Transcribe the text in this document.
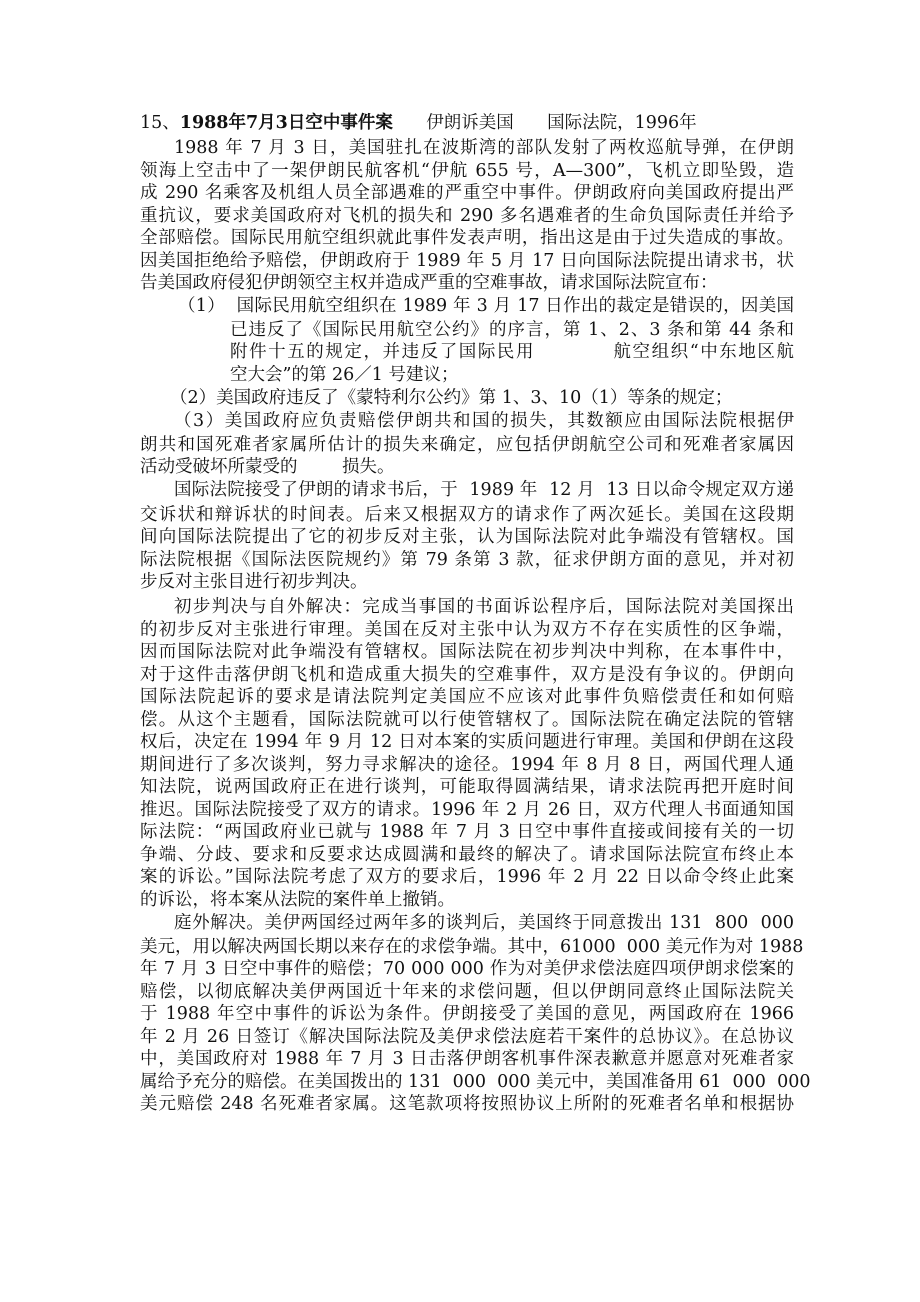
15、1988年7月3日空中事件案 伊朗诉美国 国际法院，1996年
1988 年 7 月 3 日，美国驻扎在波斯湾的部队发射了两枚巡航导弹，在伊朗
领海上空击中了一架伊朗民航客机“伊航 655 号，A—300”，飞机立即坠毁，造
成 290 名乘客及机组人员全部遇难的严重空中事件。伊朗政府向美国政府提出严
重抗议，要求美国政府对飞机的损失和 290 多名遇难者的生命负国际责任并给予
全部赔偿。国际民用航空组织就此事件发表声明，指出这是由于过失造成的事故。
因美国拒绝给予赔偿，伊朗政府于 1989 年 5 月 17 日向国际法院提出请求书，状
告美国政府侵犯伊朗领空主权并造成严重的空难事故，请求国际法院宣布：
（1）  国际民用航空组织在 1989 年 3 月 17 日作出的裁定是错误的，因美国
已违反了《国际民用航空公约》的序言，第 1、2、3 条和第 44 条和
附件十五的规定，并违反了国际民用           航空组织“中东地区航
空大会”的第 26／1 号建议；
（2）美国政府违反了《蒙特利尔公约》第 1、3、10（1）等条的规定；
（3）美国政府应负责赔偿伊朗共和国的损失，其数额应由国际法院根据伊
朗共和国死难者家属所估计的损失来确定，应包括伊朗航空公司和死难者家属因
活动受破坏所蒙受的        损失。
国际法院接受了伊朗的请求书后，于  1989 年  12 月  13 日以命令规定双方递
交诉状和辩诉状的时间表。后来又根据双方的请求作了两次延长。美国在这段期
间向国际法院提出了它的初步反对主张，认为国际法院对此争端没有管辖权。国
际法院根据《国际法医院规约》第 79 条第 3 款，征求伊朗方面的意见，并对初
步反对主张目进行初步判决。
初步判决与自外解决：完成当事国的书面诉讼程序后，国际法院对美国探出
的初步反对主张进行审理。美国在反对主张中认为双方不存在实质性的区争端，
因而国际法院对此争端没有管辖权。国际法院在初步判决中判称，在本事件中，
对于这件击落伊朗飞机和造成重大损失的空难事件，双方是没有争议的。伊朗向
国际法院起诉的要求是请法院判定美国应不应该对此事件负赔偿责任和如何赔
偿。从这个主题看，国际法院就可以行使管辖权了。国际法院在确定法院的管辖
权后，决定在 1994 年 9 月 12 日对本案的实质问题进行审理。美国和伊朗在这段
期间进行了多次谈判，努力寻求解决的途径。1994 年 8 月 8 日，两国代理人通
知法院，说两国政府正在进行谈判，可能取得圆满结果，请求法院再把开庭时间
推迟。国际法院接受了双方的请求。1996 年 2 月 26 日，双方代理人书面通知国
际法院：“两国政府业已就与 1988 年 7 月 3 日空中事件直接或间接有关的一切
争端、分歧、要求和反要求达成圆满和最终的解决了。请求国际法院宣布终止本
案的诉讼。”国际法院考虑了双方的要求后，1996 年 2 月 22 日以命令终止此案
的诉讼，将本案从法院的案件单上撤销。
庭外解决。美伊两国经过两年多的谈判后，美国终于同意拨出 131  800  000
美元，用以解决两国长期以来存在的求偿争端。其中，61000  000 美元作为对 1988
年 7 月 3 日空中事件的赔偿；70 000 000 作为对美伊求偿法庭四项伊朗求偿案的
赔偿，以彻底解决美伊两国近十年来的求偿问题，但以伊朗同意终止国际法院关
于 1988 年空中事件的诉讼为条件。伊朗接受了美国的意见，两国政府在 1966
年 2 月 26 日签订《解决国际法院及美伊求偿法庭若干案件的总协议》。在总协议
中，美国政府对 1988 年 7 月 3 日击落伊朗客机事件深表歉意并愿意对死难者家
属给予充分的赔偿。在美国拨出的 131  000  000 美元中，美国准备用 61  000  000
美元赔偿 248 名死难者家属。这笔款项将按照协议上所附的死难者名单和根据协
